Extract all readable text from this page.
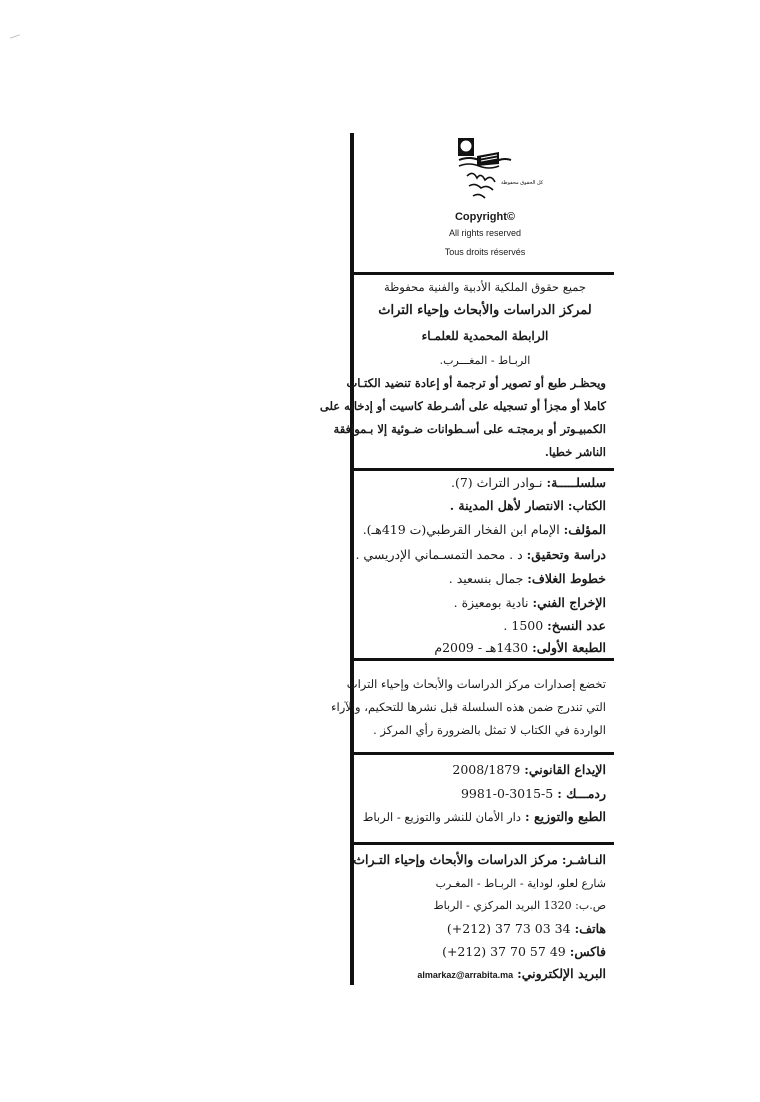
كل الحقوق محفوظة
Copyright©
All rights reserved
Tous droits réservés
جميع حقوق الملكية الأدبية والفنية محفوظة
لمركز الدراسات والأبحاث وإحياء التراث
الرابطة المحمدية للعلمـاء
الربـاط - المغـــرب.
ويحظـر طبع أو تصوير أو ترجمة أو إعادة تنضيد الكتـاب
كاملا أو مجزأ أو تسجيله على أشـرطة كاسيت أو إدخاله على
الكمبيـوتر أو برمجتـه على أسـطوانات ضـوئية إلا بـموافقة
الناشر خطيا.
سلسلـــــة: نـوادر التراث (7).
الكتاب: الانتصار لأهل المدينة .
المؤلف: الإمام ابن الفخار القرطبي(ت 419هـ).
دراسة وتحقيق: د . محمد التمسـماني الإدريسي .
خطوط الغلاف: جمال بنسعيد .
الإخراج الفني: نادية بومعيزة .
عدد النسخ: 1500 .
الطبعة الأولى: 1430هـ - 2009م
تخضع إصدارات مركز الدراسات والأبحاث وإحياء التراث
التي تندرج ضمن هذه السلسلة قبل نشرها للتحكيم، والآراء
الواردة في الكتاب لا تمثل بالضرورة رأي المركز .
الإيداع القانوني: 2008/1879
ردمـــك : 5-3015-0-9981
الطبع والتوزيع : دار الأمان للنشر والتوزيع - الرباط
النـاشـر: مركز الدراسات والأبحاث وإحياء التـراث
شارع لعلو، لوداية - الربـاط - المغـرب
ص.ب: 1320 البريد المركزي - الرباط
هاتف: 34 03 73 37 (212+)
فاكس: 49 57 70 37 (212+)
البريد الإلكتروني: almarkaz@arrabita.ma
